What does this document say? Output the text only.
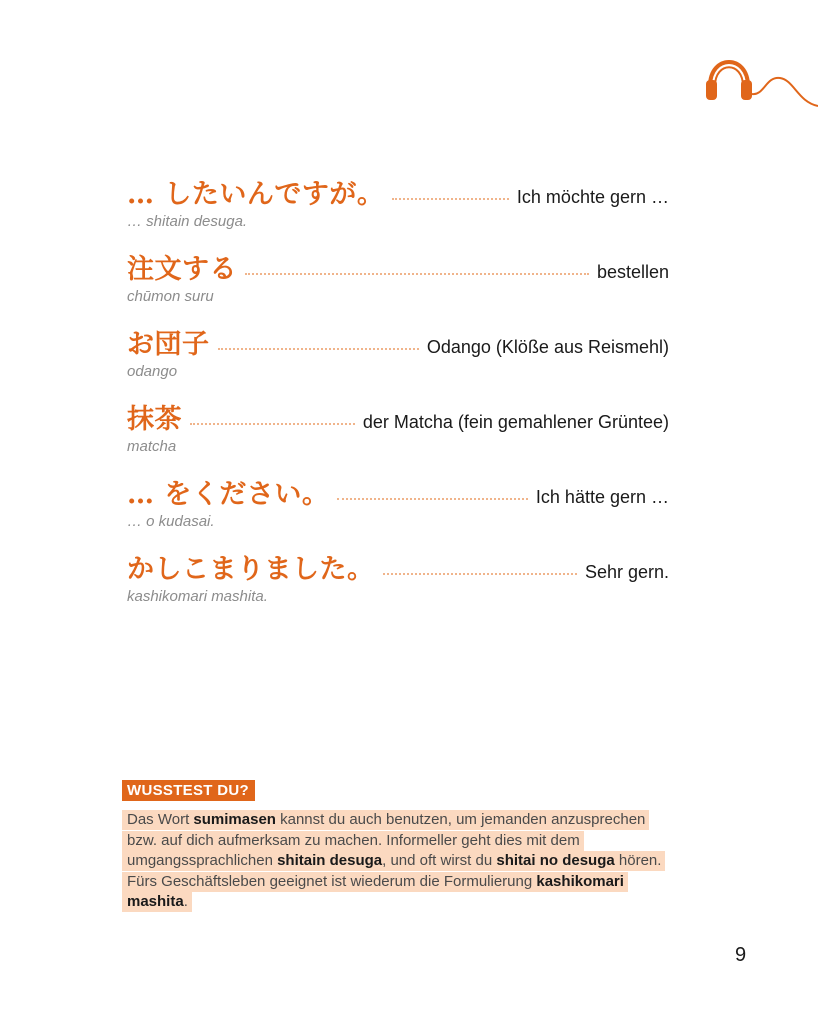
… したいんですが。	Ich möchte gern …
… shitain desuga.
注文する	bestellen
chūmon suru
お団子	Odango (Klöße aus Reismehl)
odango
抹茶	der Matcha (fein gemahlener Grüntee)
matcha
… をください。	Ich hätte gern …
… o kudasai.
かしこまりました。	Sehr gern.
kashikomari mashita.
WUSSTEST DU?
Das Wort sumimasen kannst du auch benutzen, um jemanden anzusprechen bzw. auf dich aufmerksam zu machen. Informeller geht dies mit dem umgangssprachlichen shitain desuga, und oft wirst du shitai no desuga hören. Fürs Geschäftsleben geeignet ist wiederum die Formulierung kashikomari mashita.
9
